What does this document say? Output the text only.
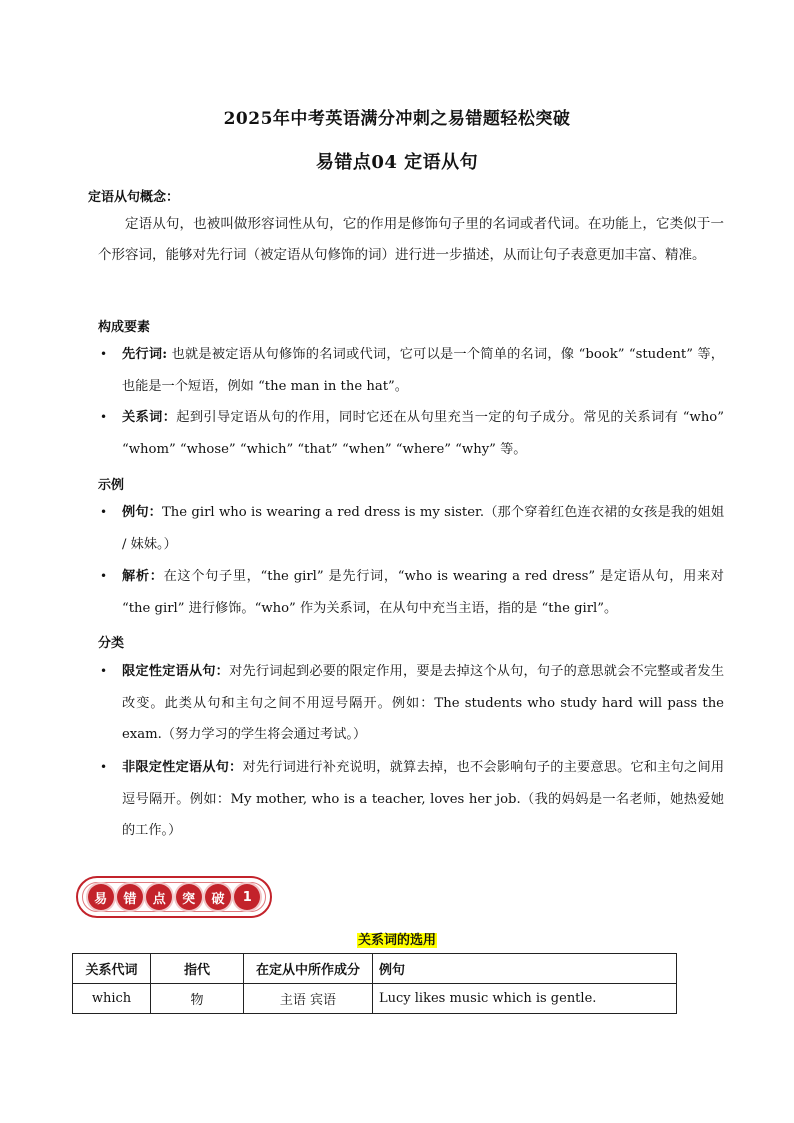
2025年中考英语满分冲刺之易错题轻松突破
易错点04 定语从句
定语从句概念：
定语从句，也被叫做形容词性从句，它的作用是修饰句子里的名词或者代词。在功能上，它类似于一个形容词，能够对先行词（被定语从句修饰的词）进行进一步描述，从而让句子表意更加丰富、精准。
构成要素
•	先行词: 也就是被定语从句修饰的名词或代词，它可以是一个简单的名词，像 “book” “student” 等，也能是一个短语，例如 “the man in the hat”。
•	关系词：起到引导定语从句的作用，同时它还在从句里充当一定的句子成分。常见的关系词有 “who” “whom” “whose” “which” “that” “when” “where” “why” 等。
示例
•	例句：The girl who is wearing a red dress is my sister.（那个穿着红色连衣裙的女孩是我的姐姐 / 妹妹。）
•	解析：在这个句子里，“the girl” 是先行词，“who is wearing a red dress” 是定语从句，用来对 “the girl” 进行修饰。“who” 作为关系词，在从句中充当主语，指的是 “the girl”。
分类
•	限定性定语从句：对先行词起到必要的限定作用，要是去掉这个从句，句子的意思就会不完整或者发生改变。此类从句和主句之间不用逗号隔开。例如：The students who study hard will pass the exam.（努力学习的学生将会通过考试。）
•	非限定性定语从句：对先行词进行补充说明，就算去掉，也不会影响句子的主要意思。它和主句之间用逗号隔开。例如：My mother, who is a teacher, loves her job.（我的妈妈是一名老师，她热爱她的工作。）
易	错	点	突	破	1
关系词的选用
关系代词	指代	在定从中所作成分	例句
which	物	主语 宾语	Lucy likes music which is gentle.
